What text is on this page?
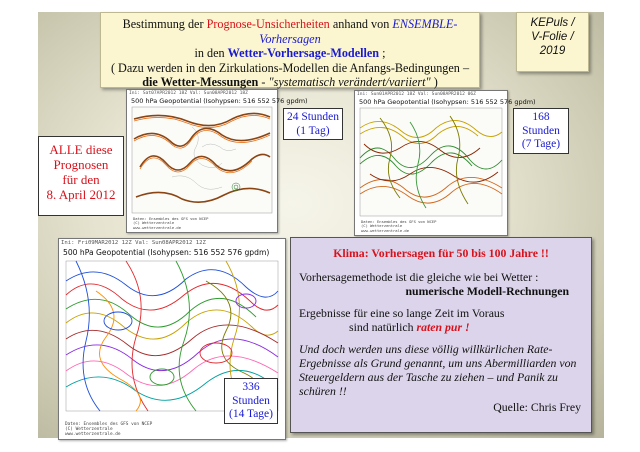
Bestimmung der Prognose-Unsicherheiten anhand von ENSEMBLE-Vorhersagen
in den Wetter-Vorhersage-Modellen ;
( Dazu werden in den Zirkulations-Modellen die Anfangs-Bedingungen –
die Wetter-Messungen - "systematisch verändert/variiert" )
KEPuls /
V-Folie /
2019
ALLE diese
Prognosen
für den
8. April 2012
Ini: Sat07APR2012 18Z Val: Sun08APR2012 18Z
500 hPa Geopotential (Isohypsen: 516 552 576 gpdm)
Daten: Ensembles des GFS von NCEP
(C) Wetterzentrale
www.wetterzentrale.de
24 Stunden
(1 Tag)
Ini: Sun01APR2012 18Z Val: Sun08APR2012 06Z
500 hPa Geopotential (Isohypsen: 516 552 576 gpdm)
Daten: Ensembles des GFS von NCEP
(C) Wetterzentrale
www.wetterzentrale.de
168
Stunden
(7 Tage)
Ini: Fri09MAR2012 12Z Val: Sun08APR2012 12Z
500 hPa Geopotential (Isohypsen: 516 552 576 gpdm)
Daten: Ensembles des GFS von NCEP
(C) Wetterzentrale
www.wetterzentrale.de
336
Stunden
(14 Tage)

Klima: Vorhersagen für 50 bis 100 Jahre !!

Vorhersagemethode ist die gleiche wie bei Wetter :

numerische Modell-Rechnungen

Ergebnisse für eine so lange Zeit im Voraus

sind natürlich raten pur !

Und doch werden uns diese völlig willkürlichen Rate-Ergebnisse als Grund genannt, um uns Abermilliarden von Steuergeldern aus der Tasche zu ziehen – und Panik zu schüren !!

Quelle: Chris Frey
